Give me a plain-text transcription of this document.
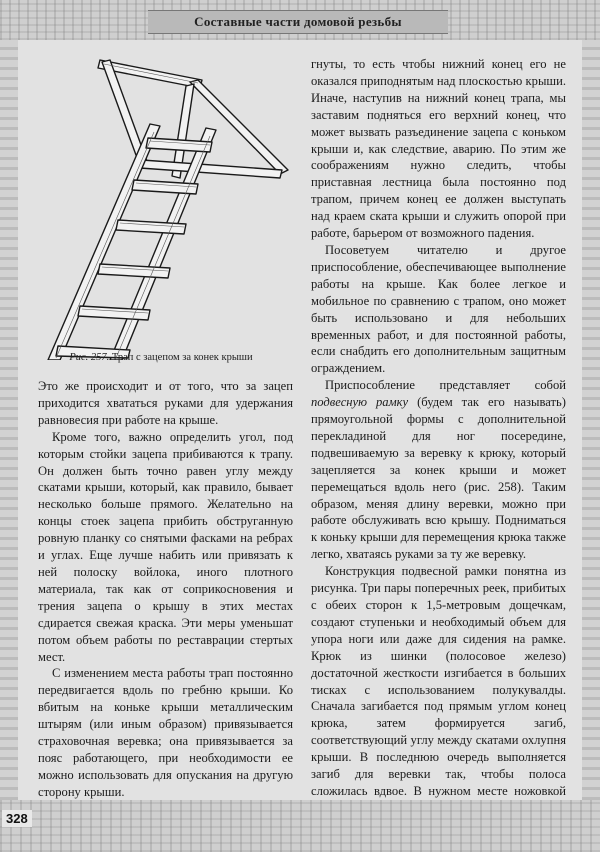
Составные части домовой резьбы
Рис. 257. Трап с зацепом за конек крыши

Это же происходит и от того, что за зацеп приходится хвататься руками для удержания равновесия при работе на крыше.

Кроме того, важно определить угол, под которым стойки зацепа прибиваются к трапу. Он должен быть точно равен углу между скатами крыши, который, как правило, бывает несколько больше прямого. Желательно на концы стоек зацепа прибить обструганную ровную планку со снятыми фасками на ребрах и углах. Еще лучше набить или привязать к ней полоску войлока, иного плотного материала, так как от соприкосновения и трения зацепа о крышу в этих местах сдирается свежая краска. Эти меры уменьшат потом объем работы по реставрации стертых мест.

С изменением места работы трап постоянно передвигается вдоль по гребню крыши. Ко вбитым на коньке крыши металлическим штырям (или иным образом) привязывается страховочная веревка; она привязывается за пояс работающего, при необходимости ее можно использовать для опускания на другую сторону крыши.

гнуты, то есть чтобы нижний конец его не оказался приподнятым над плоскостью крыши. Иначе, наступив на нижний конец трапа, мы заставим подняться его верхний конец, что может вызвать разъединение зацепа с коньком крыши и, как следствие, аварию. По этим же соображениям нужно следить, чтобы приставная лестница была постоянно под трапом, причем конец ее должен выступать над краем ската крыши и служить опорой при работе, барьером от возможного падения.

Посоветуем читателю и другое приспособление, обеспечивающее выполнение работы на крыше. Как более легкое и мобильное по сравнению с трапом, оно может быть использовано и для небольших временных работ, и для постоянной работы, если снабдить его дополнительным защитным ограждением.

Приспособление представляет собой подвесную рамку (будем так его называть) прямоугольной формы с дополнительной перекладиной для ног посередине, подвешиваемую за веревку к крюку, который зацепляется за конек крыши и может перемещаться вдоль него (рис. 258). Таким образом, меняя длину веревки, можно при работе обслуживать всю крышу. Подниматься к коньку крыши для перемещения крюка также легко, хватаясь руками за ту же веревку.

Конструкция подвесной рамки понятна из рисунка. Три пары поперечных реек, прибитых с обеих сторон к 1,5-метровым дощечкам, создают ступеньки и необходимый объем для упора ноги или даже для сидения на рамке. Крюк из шинки (полосовое железо) достаточной жесткости изгибается в больших тисках с использованием полукувалды. Сначала загибается под прямым углом конец крюка, затем формируется загиб, соответствующий углу между скатами охлупня крыши. В последнюю очередь выполняется загиб для веревки так, чтобы полоса сложилась вдвое. В нужном месте ножовкой

328
